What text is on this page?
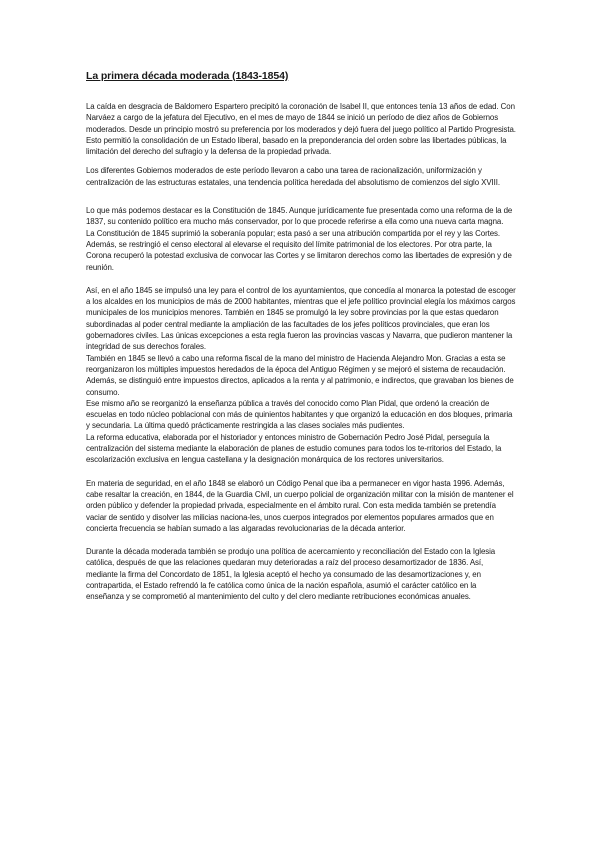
La primera década moderada (1843-1854)

La caída en desgracia de Baldomero Espartero precipitó la coronación de Isabel II, que entonces tenía 13 años de edad. Con Narváez a cargo de la jefatura del Ejecutivo, en el mes de mayo de 1844 se inició un período de diez años de Gobiernos moderados. Desde un principio mostró su preferencia por los moderados y dejó fuera del juego político al Partido Progresista. Esto permitió la consolidación de un Estado liberal, basado en la preponderancia del orden sobre las libertades públicas, la limitación del derecho del sufragio y la defensa de la propiedad privada.

Los diferentes Gobiernos moderados de este período llevaron a cabo una tarea de racionalización, uniformización y centralización de las estructuras estatales, una tendencia política heredada del absolutismo de comienzos del siglo XVIII.

Lo que más podemos destacar es la Constitución de 1845. Aunque jurídicamente fue presentada como una reforma de la de 1837, su contenido político era mucho más conservador, por lo que procede referirse a ella como una nueva carta magna.

La Constitución de 1845 suprimió la soberanía popular; esta pasó a ser una atribución compartida por el rey y las Cortes. Además, se restringió el censo electoral al elevarse el requisito del límite patrimonial de los electores. Por otra parte, la Corona recuperó la potestad exclusiva de convocar las Cortes y se limitaron derechos como las libertades de expresión y de reunión.

Así, en el año 1845 se impulsó una ley para el control de los ayuntamientos, que concedía al monarca la potestad de escoger a los alcaldes en los municipios de más de 2000 habitantes, mientras que el jefe político provincial elegía los máximos cargos municipales de los municipios menores. También en 1845 se promulgó la ley sobre provincias por la que estas quedaron subordinadas al poder central mediante la ampliación de las facultades de los jefes políticos provinciales, que eran los gobernadores civiles. Las únicas excepciones a esta regla fueron las provincias vascas y Navarra, que pudieron mantener la integridad de sus derechos forales.

También en 1845 se llevó a cabo una reforma fiscal de la mano del ministro de Hacienda Alejandro Mon. Gracias a esta se reorganizaron los múltiples impuestos heredados de la época del Antiguo Régimen y se mejoró el sistema de recaudación. Además, se distinguió entre impuestos directos, aplicados a la renta y al patrimonio, e indirectos, que gravaban los bienes de consumo.

Ese mismo año se reorganizó la enseñanza pública a través del conocido como Plan Pidal, que ordenó la creación de escuelas en todo núcleo poblacional con más de quinientos habitantes y que organizó la educación en dos bloques, primaria y secundaria. La última quedó prácticamente restringida a las clases sociales más pudientes.

La reforma educativa, elaborada por el historiador y entonces ministro de Gobernación Pedro José Pidal, perseguía la centralización del sistema mediante la elaboración de planes de estudio comunes para todos los te-rritorios del Estado, la escolarización exclusiva en lengua castellana y la designación monárquica de los rectores universitarios.

En materia de seguridad, en el año 1848 se elaboró un Código Penal que iba a permanecer en vigor hasta 1996. Además, cabe resaltar la creación, en 1844, de la Guardia Civil, un cuerpo policial de organización militar con la misión de mantener el orden público y defender la propiedad privada, especialmente en el ámbito rural. Con esta medida también se pretendía vaciar de sentido y disolver las milicias naciona-les, unos cuerpos integrados por elementos populares armados que en concierta frecuencia se habían sumado a las algaradas revolucionarias de la década anterior.

Durante la década moderada también se produjo una política de acercamiento y reconciliación del Estado con la Iglesia católica, después de que las relaciones quedaran muy deterioradas a raíz del proceso desamortizador de 1836. Así, mediante la firma del Concordato de 1851, la Iglesia aceptó el hecho ya consumado de las desamortizaciones y, en contrapartida, el Estado refrendó la fe católica como única de la nación española, asumió el carácter católico en la enseñanza y se comprometió al mantenimiento del culto y del clero mediante retribuciones económicas anuales.
